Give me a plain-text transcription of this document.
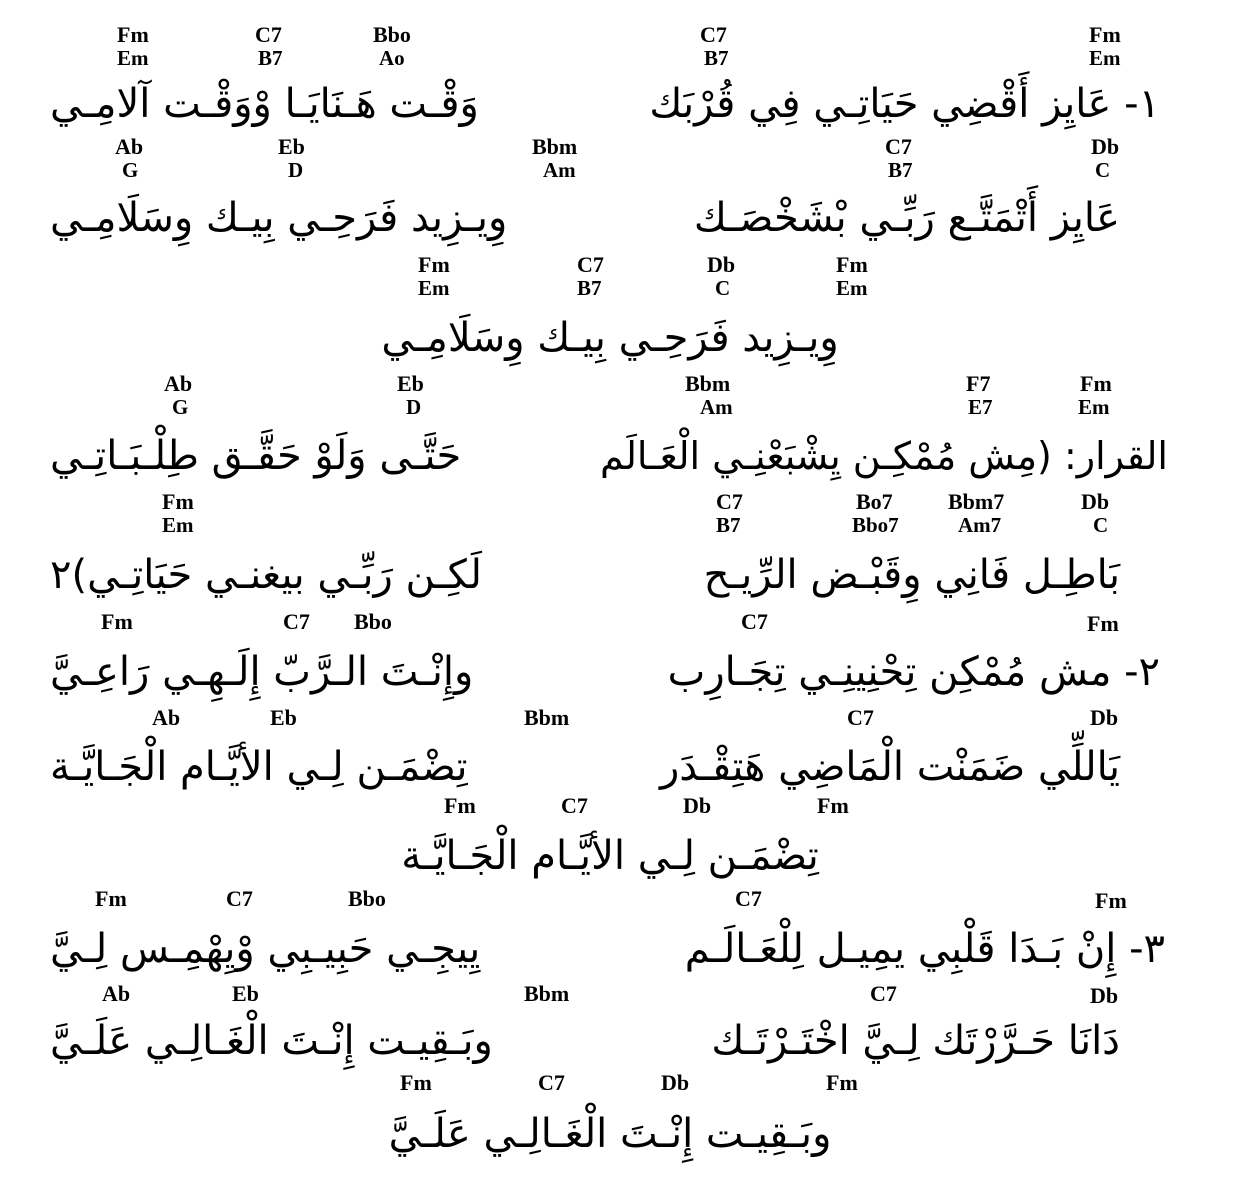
Fm
Em
C7
B7
Bbo
Ao
C7
B7
Fm
Em
١- عَايِز أَقْضِي حَيَاتِـي فِي قُرْبَك
وَقْـت هَـنَايَـا وْوَقْـت آلامِـي
Ab
G
Eb
D
Bbm
Am
C7
B7
Db
C
عَايِز أَتْمَتَّـع رَبِّـي بْشَخْصَـك
وِيـزِيد فَرَحِـي بِيـك وِسَلَامِـي
Fm
Em
C7
B7
Db
C
Fm
Em
وِيـزِيد فَرَحِـي بِيـك وِسَلَامِـي
Ab
G
Eb
D
Bbm
Am
F7
E7
Fm
Em
القرار: (مِش مُمْكِـن يِشْبَعْنِـي الْعَـالَم
حَتَّـى وَلَوْ حَقَّـق طِلْـبَـاتِـي
Fm
Em
C7
B7
Bo7
Bbo7
Bbm7
Am7
Db
C
بَاطِـل فَانِي وِقَبْـض الرِّيـح
لَكِـن رَبِّـي بيغنـي حَيَاتِـي)٢
Fm	C7 Bbo	C7	Fm
٢- مش مُمْكِن تِحْنِينِـي تِجَـارِب
وإِنْـتَ الـرَّبّ إِلَـهِـي رَاعِـيَّ
Ab	Eb	Bbm	C7	Db
يَاللِّي ضَمَنْت الْمَاضِي هَتِقْـدَر
تِضْمَـن لِـي الأيَّـام الْجَـايَّـة
Fm	C7	Db	Fm
تِضْمَـن لِـي الأيَّـام الْجَـايَّـة
Fm	C7	Bbo	C7	Fm
٣- إِنْ بَـدَا قَلْبِي يمِيـل لِلْعَـالَـم
يِيجِـي حَبِيـبِي وْيِهْمِـس لِـيَّ
Ab	Eb	Bbm	C7	Db
دَانَا حَـرَّرْتَك لِـيَّ اخْتَـرْتَـك
وبَـقِيـت إِنْـتَ الْغَـالِـي عَلَـيَّ
Fm	C7	Db	Fm
وبَـقِيـت إِنْـتَ الْغَـالِـي عَلَـيَّ
